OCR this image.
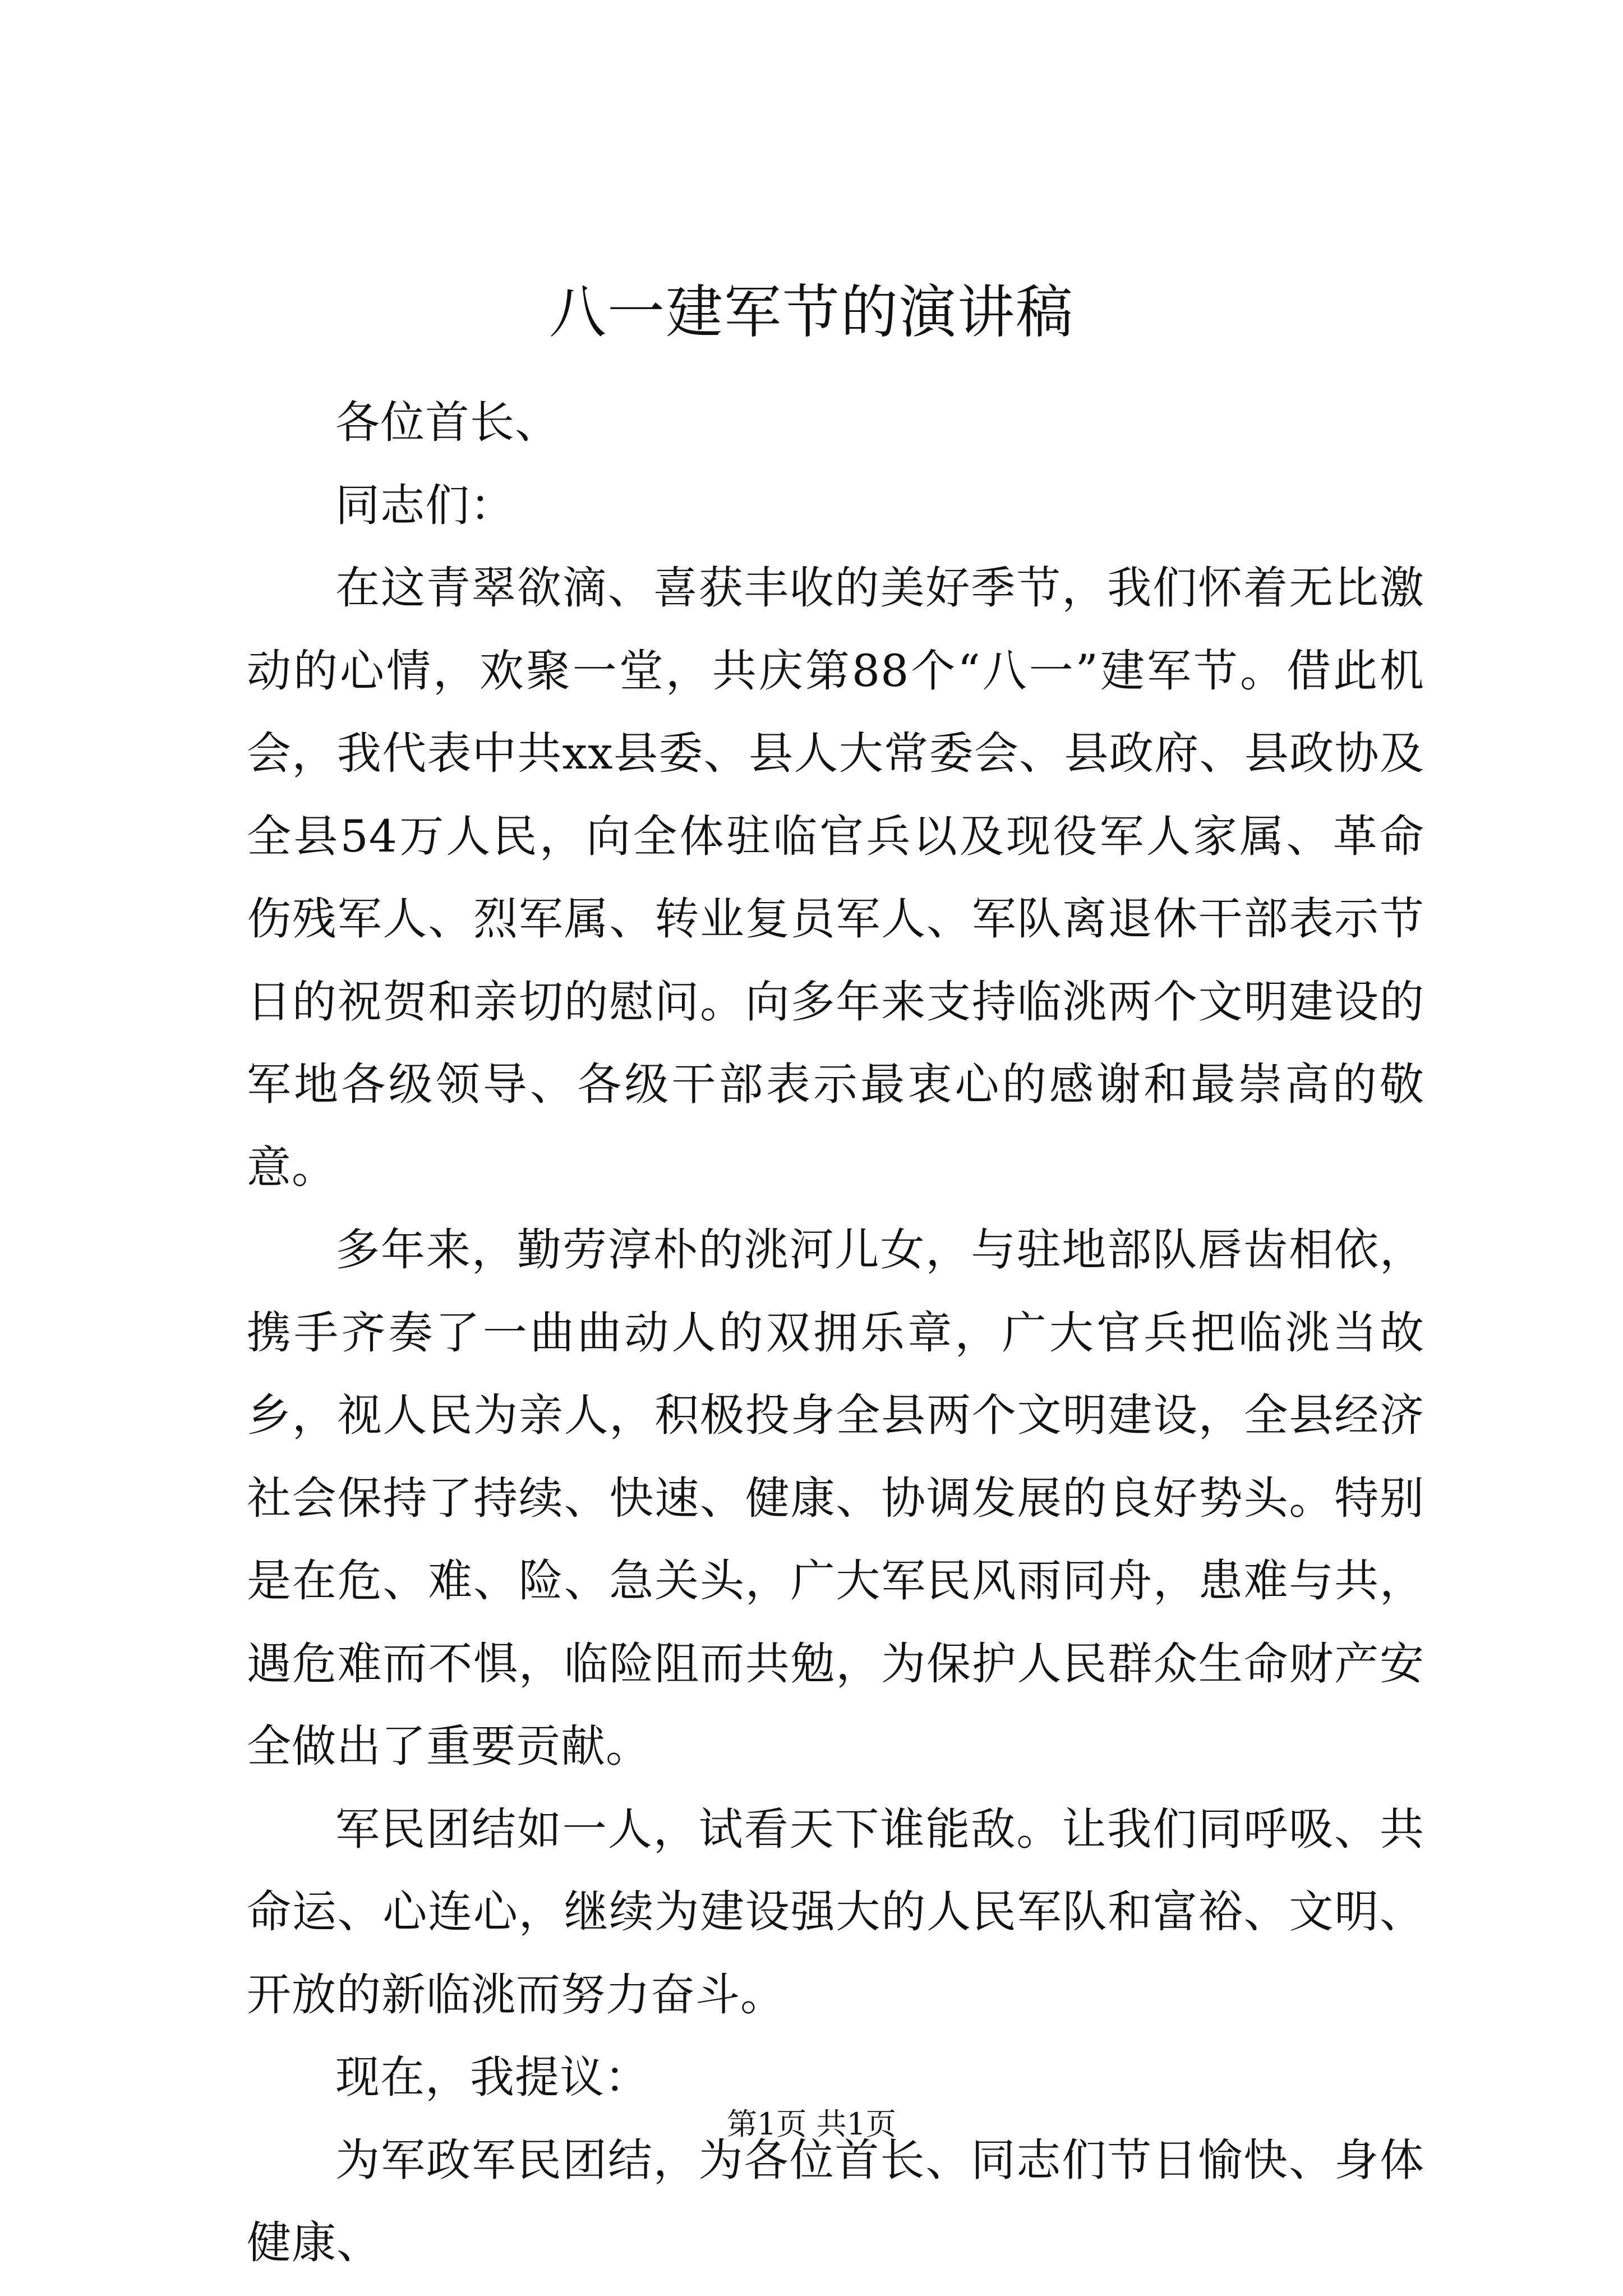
八一建军节的演讲稿

各位首长、

同志们：

在这青翠欲滴、喜获丰收的美好季节，我们怀着无比激动的心情，欢聚一堂，共庆第88个“八一”建军节。借此机会，我代表中共xx县委、县人大常委会、县政府、县政协及全县54万人民，向全体驻临官兵以及现役军人家属、革命伤残军人、烈军属、转业复员军人、军队离退休干部表示节日的祝贺和亲切的慰问。向多年来支持临洮两个文明建设的军地各级领导、各级干部表示最衷心的感谢和最崇高的敬意。

多年来，勤劳淳朴的洮河儿女，与驻地部队唇齿相依，携手齐奏了一曲曲动人的双拥乐章，广大官兵把临洮当故乡，视人民为亲人，积极投身全县两个文明建设，全县经济社会保持了持续、快速、健康、协调发展的良好势头。特别是在危、难、险、急关头，广大军民风雨同舟，患难与共，遇危难而不惧，临险阻而共勉，为保护人民群众生命财产安全做出了重要贡献。

军民团结如一人，试看天下谁能敌。让我们同呼吸、共命运、心连心，继续为建设强大的人民军队和富裕、文明、开放的新临洮而努力奋斗。

现在，我提议：

为军政军民团结，为各位首长、同志们节日愉快、身体健康、

第1页 共1页
